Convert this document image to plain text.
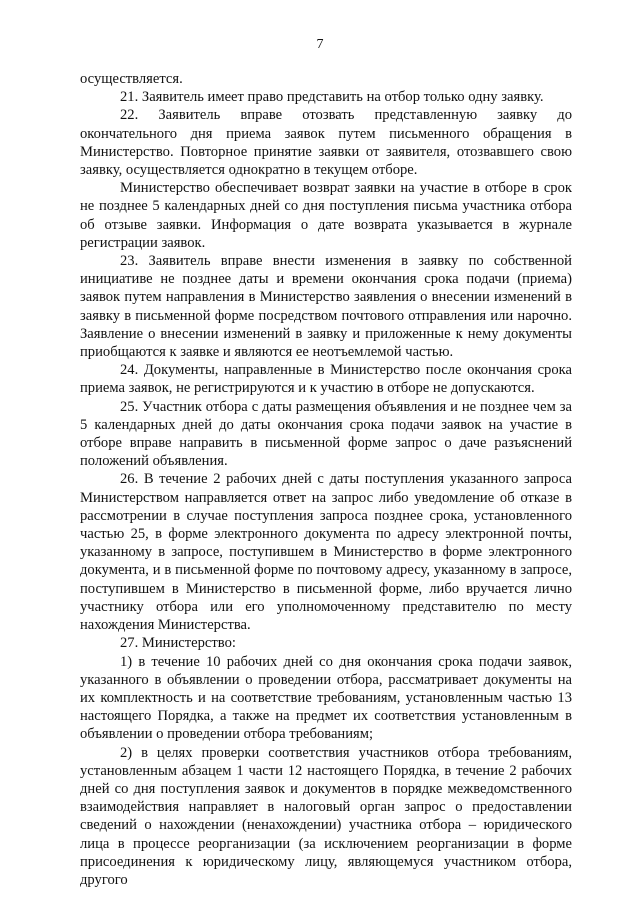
7

осуществляется.

21. Заявитель имеет право представить на отбор только одну заявку.

22. Заявитель вправе отозвать представленную заявку до окончательного дня приема заявок путем письменного обращения в Министерство. Повторное принятие заявки от заявителя, отозвавшего свою заявку, осуществляется однократно в текущем отборе.

Министерство обеспечивает возврат заявки на участие в отборе в срок не позднее 5 календарных дней со дня поступления письма участника отбора об отзыве заявки. Информация о дате возврата указывается в журнале регистрации заявок.

23. Заявитель вправе внести изменения в заявку по собственной инициативе не позднее даты и времени окончания срока подачи (приема) заявок путем направления в Министерство заявления о внесении изменений в заявку в письменной форме посредством почтового отправления или нарочно. Заявление о внесении изменений в заявку и приложенные к нему документы приобщаются к заявке и являются ее неотъемлемой частью.

24. Документы, направленные в Министерство после окончания срока приема заявок, не регистрируются и к участию в отборе не допускаются.

25. Участник отбора с даты размещения объявления и не позднее чем за 5 календарных дней до даты окончания срока подачи заявок на участие в отборе вправе направить в письменной форме запрос о даче разъяснений положений объявления.

26. В течение 2 рабочих дней с даты поступления указанного запроса Министерством направляется ответ на запрос либо уведомление об отказе в рассмотрении в случае поступления запроса позднее срока, установленного частью 25, в форме электронного документа по адресу электронной почты, указанному в запросе, поступившем в Министерство в форме электронного документа, и в письменной форме по почтовому адресу, указанному в запросе, поступившем в Министерство в письменной форме, либо вручается лично участнику отбора или его уполномоченному представителю по месту нахождения Министерства.

27. Министерство:

1) в течение 10 рабочих дней со дня окончания срока подачи заявок, указанного в объявлении о проведении отбора, рассматривает документы на их комплектность и на соответствие требованиям, установленным частью 13 настоящего Порядка, а также на предмет их соответствия установленным в объявлении о проведении отбора требованиям;

2) в целях проверки соответствия участников отбора требованиям, установленным абзацем 1 части 12 настоящего Порядка, в течение 2 рабочих дней со дня поступления заявок и документов в порядке межведомственного взаимодействия направляет в налоговый орган запрос о предоставлении сведений о нахождении (ненахождении) участника отбора – юридического лица в процессе реорганизации (за исключением реорганизации в форме присоединения к юридическому лицу, являющемуся участником отбора, другого
